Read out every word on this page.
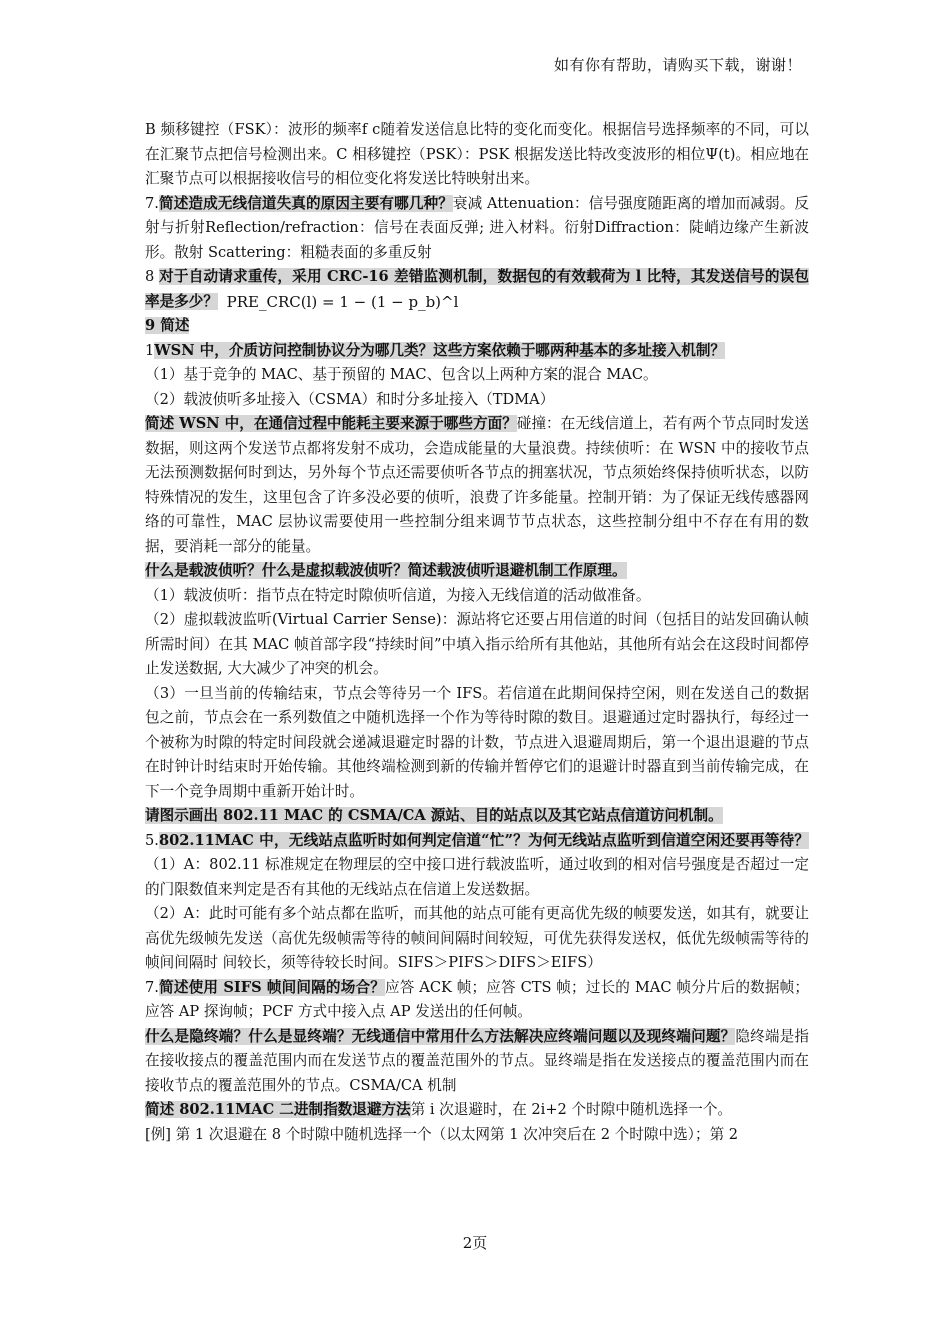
如有你有帮助，请购买下载，谢谢！

B 频移键控（FSK）：波形的频率f c随着发送信息比特的变化而变化。根据信号选择频率的不同，可以在汇聚节点把信号检测出来。C 相移键控（PSK）：PSK 根据发送比特改变波形的相位Ψ(t)。相应地在汇聚节点可以根据接收信号的相位变化将发送比特映射出来。

7.简述造成无线信道失真的原因主要有哪几种？衰减 Attenuation：信号强度随距离的增加而减弱。反射与折射Reflection/refraction：信号在表面反弹; 进入材料。衍射Diffraction：陡峭边缘产生新波形。散射 Scattering：粗糙表面的多重反射

8 对于自动请求重传，采用 CRC-16 差错监测机制，数据包的有效载荷为 l 比特，其发送信号的误包率是多少？ PRE_CRC(l) = 1 − (1 − p_b)^l

9 简述

1WSN 中，介质访问控制协议分为哪几类？这些方案依赖于哪两种基本的多址接入机制？

（1）基于竞争的 MAC、基于预留的 MAC、包含以上两种方案的混合 MAC。

（2）载波侦听多址接入（CSMA）和时分多址接入（TDMA）

简述 WSN 中，在通信过程中能耗主要来源于哪些方面？碰撞：在无线信道上，若有两个节点同时发送数据，则这两个发送节点都将发射不成功，会造成能量的大量浪费。持续侦听：在 WSN 中的接收节点无法预测数据何时到达，另外每个节点还需要侦听各节点的拥塞状况，节点须始终保持侦听状态，以防特殊情况的发生，这里包含了许多没必要的侦听，浪费了许多能量。控制开销：为了保证无线传感器网络的可靠性，MAC 层协议需要使用一些控制分组来调节节点状态，这些控制分组中不存在有用的数据，要消耗一部分的能量。

什么是载波侦听？什么是虚拟载波侦听？简述载波侦听退避机制工作原理。

（1）载波侦听：指节点在特定时隙侦听信道，为接入无线信道的活动做准备。

（2）虚拟载波监听(Virtual Carrier Sense)：源站将它还要占用信道的时间（包括目的站发回确认帧所需时间）在其 MAC 帧首部字段“持续时间”中填入指示给所有其他站，其他所有站会在这段时间都停止发送数据, 大大减少了冲突的机会。

（3）一旦当前的传输结束，节点会等待另一个 IFS。若信道在此期间保持空闲，则在发送自己的数据包之前，节点会在一系列数值之中随机选择一个作为等待时隙的数目。退避通过定时器执行，每经过一个被称为时隙的特定时间段就会递减退避定时器的计数，节点进入退避周期后，第一个退出退避的节点在时钟计时结束时开始传输。其他终端检测到新的传输并暂停它们的退避计时器直到当前传输完成，在下一个竞争周期中重新开始计时。

请图示画出 802.11 MAC 的 CSMA/CA 源站、目的站点以及其它站点信道访问机制。

5.802.11MAC 中，无线站点监听时如何判定信道“忙”？为何无线站点监听到信道空闲还要再等待？（1）A：802.11 标准规定在物理层的空中接口进行载波监听，通过收到的相对信号强度是否超过一定的门限数值来判定是否有其他的无线站点在信道上发送数据。

（2）A：此时可能有多个站点都在监听，而其他的站点可能有更高优先级的帧要发送，如其有，就要让高优先级帧先发送（高优先级帧需等待的帧间间隔时间较短，可优先获得发送权，低优先级帧需等待的帧间间隔时 间较长，须等待较长时间。SIFS＞PIFS＞DIFS＞EIFS）

7.简述使用 SIFS 帧间间隔的场合？应答 ACK 帧；应答 CTS 帧；过长的 MAC 帧分片后的数据帧；应答 AP 探询帧；PCF 方式中接入点 AP 发送出的任何帧。

什么是隐终端？什么是显终端？无线通信中常用什么方法解决应终端问题以及现终端问题？隐终端是指在接收接点的覆盖范围内而在发送节点的覆盖范围外的节点。显终端是指在发送接点的覆盖范围内而在接收节点的覆盖范围外的节点。CSMA/CA 机制

简述 802.11MAC 二进制指数退避方法第 i 次退避时，在 2i+2 个时隙中随机选择一个。

[例] 第 1 次退避在 8 个时隙中随机选择一个（以太网第 1 次冲突后在 2 个时隙中选）；第 2

2页
